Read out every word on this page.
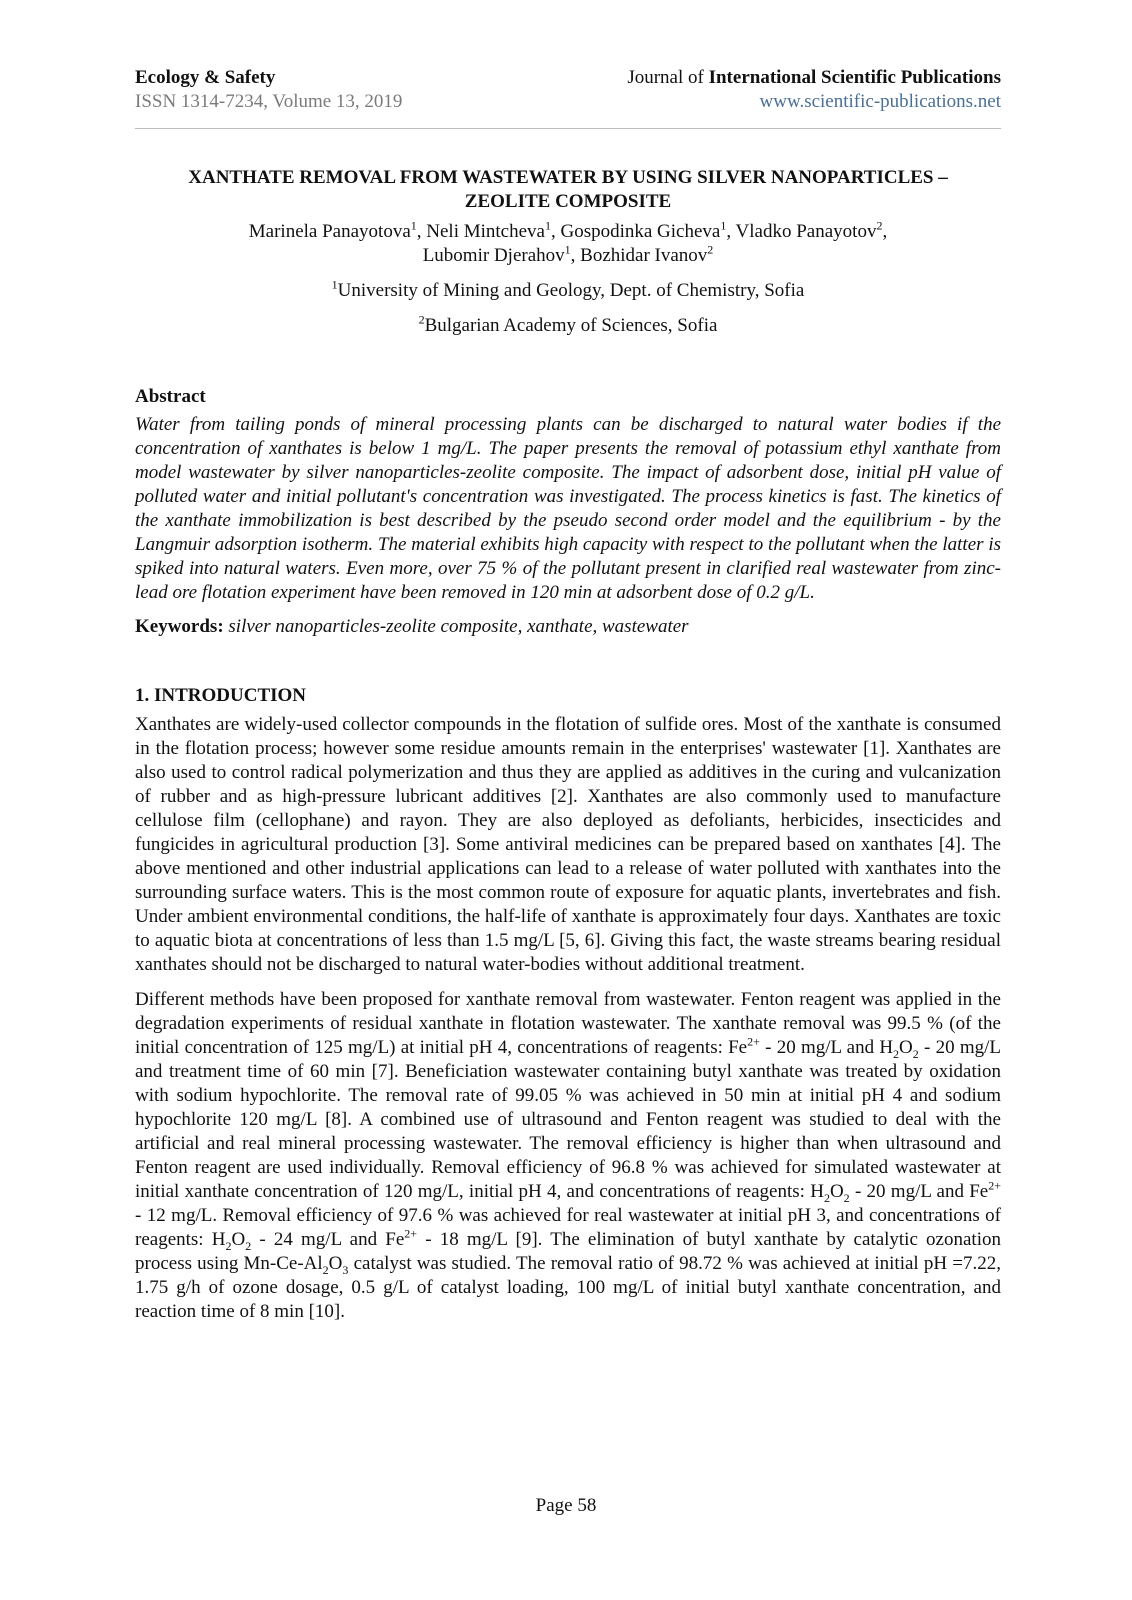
Ecology & Safety
ISSN 1314-7234, Volume 13, 2019
Journal of International Scientific Publications
www.scientific-publications.net
XANTHATE REMOVAL FROM WASTEWATER BY USING SILVER NANOPARTICLES –
ZEOLITE COMPOSITE
Marinela Panayotova$^1$, Neli Mintcheva$^1$, Gospodinka Gicheva$^1$, Vladko Panayotov$^2$,
Lubomir Djerahov$^1$, Bozhidar Ivanov$^2$
$^1$University of Mining and Geology, Dept. of Chemistry, Sofia
$^2$Bulgarian Academy of Sciences, Sofia
Abstract

Water from tailing ponds of mineral processing plants can be discharged to natural water bodies if the concentration of xanthates is below 1 mg/L. The paper presents the removal of potassium ethyl xanthate from model wastewater by silver nanoparticles-zeolite composite. The impact of adsorbent dose, initial pH value of polluted water and initial pollutant's concentration was investigated. The process kinetics is fast. The kinetics of the xanthate immobilization is best described by the pseudo second order model and the equilibrium - by the Langmuir adsorption isotherm. The material exhibits high capacity with respect to the pollutant when the latter is spiked into natural waters. Even more, over 75 % of the pollutant present in clarified real wastewater from zinc-lead ore flotation experiment have been removed in 120 min at adsorbent dose of 0.2 g/L.

Keywords: silver nanoparticles-zeolite composite, xanthate, wastewater
1. INTRODUCTION

Xanthates are widely-used collector compounds in the flotation of sulfide ores. Most of the xanthate is consumed in the flotation process; however some residue amounts remain in the enterprises' wastewater [1]. Xanthates are also used to control radical polymerization and thus they are applied as additives in the curing and vulcanization of rubber and as high-pressure lubricant additives [2]. Xanthates are also commonly used to manufacture cellulose film (cellophane) and rayon. They are also deployed as defoliants, herbicides, insecticides and fungicides in agricultural production [3]. Some antiviral medicines can be prepared based on xanthates [4]. The above mentioned and other industrial applications can lead to a release of water polluted with xanthates into the surrounding surface waters. This is the most common route of exposure for aquatic plants, invertebrates and fish. Under ambient environmental conditions, the half-life of xanthate is approximately four days. Xanthates are toxic to aquatic biota at concentrations of less than 1.5 mg/L [5, 6]. Giving this fact, the waste streams bearing residual xanthates should not be discharged to natural water-bodies without additional treatment.

Different methods have been proposed for xanthate removal from wastewater. Fenton reagent was applied in the degradation experiments of residual xanthate in flotation wastewater. The xanthate removal was 99.5 % (of the initial concentration of 125 mg/L) at initial pH 4, concentrations of reagents: $Fe^{2+} - 20$ mg/L and $H_2O_2 - 20$ mg/L and treatment time of 60 min [7]. Beneficiation wastewater containing butyl xanthate was treated by oxidation with sodium hypochlorite. The removal rate of 99.05 % was achieved in 50 min at initial pH 4 and sodium hypochlorite 120 mg/L [8]. A combined use of ultrasound and Fenton reagent was studied to deal with the artificial and real mineral processing wastewater. The removal efficiency is higher than when ultrasound and Fenton reagent are used individually. Removal efficiency of 96.8 % was achieved for simulated wastewater at initial xanthate concentration of 120 mg/L, initial pH 4, and concentrations of reagents: $H_2O_2 - 20$ mg/L and $Fe^{2+} - 12$ mg/L. Removal efficiency of 97.6 % was achieved for real wastewater at initial pH 3, and concentrations of reagents: $H_2O_2 - 24$ mg/L and $Fe^{2+} - 18$ mg/L [9]. The elimination of butyl xanthate by catalytic ozonation process using $Mn-Ce-Al_2O_3$ catalyst was studied. The removal ratio of 98.72 % was achieved at initial pH =7.22, 1.75 g/h of ozone dosage, 0.5 g/L of catalyst loading, 100 mg/L of initial butyl xanthate concentration, and reaction time of 8 min [10].

Page 58
